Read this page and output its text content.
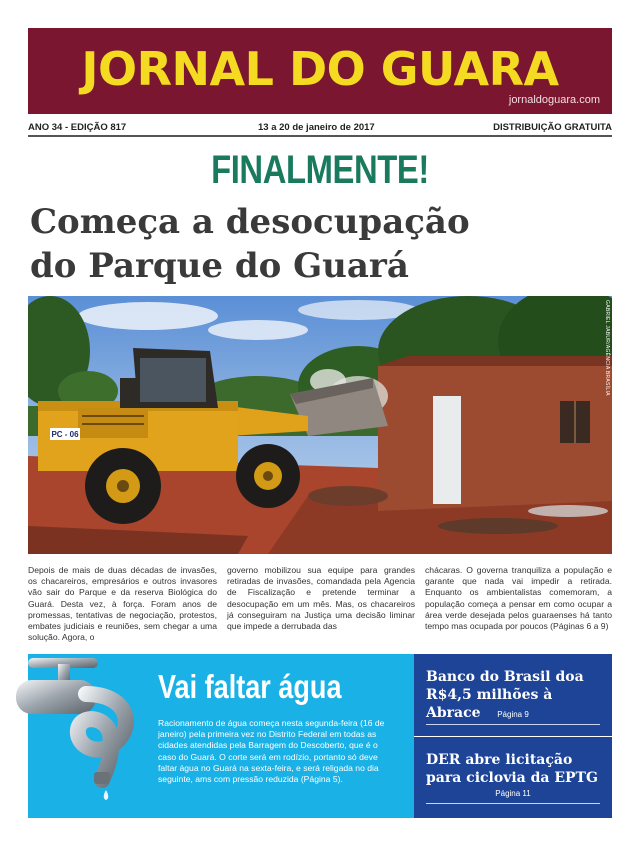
JORNAL DO GUARA
jornaldoguara.com
ANO 34 - EDIÇÃO 817	13 a 20 de janeiro de 2017	DISTRIBUIÇÃO GRATUITA
FINALMENTE!
Começa a desocupação
do Parque do Guará
PC - 06
GABRIEL JABUR/AGÊNCIA BRASÍLIA
Depois de mais de duas décadas de invasões, os chacareiros, empresários e outros invasores vão sair do Parque e da reserva Biológica do Guará. Desta vez, à força. Foram anos de promessas, tentativas de negociação, protestos, embates judiciais e reuniões, sem chegar a uma solução. Agora, o
governo mobilizou sua equipe para grandes retiradas de invasões, comandada pela Agencia de Fiscalização e pretende terminar a desocupação em um mês. Mas, os chacareiros já conseguiram na Justiça uma decisão liminar que impede a derrubada das
chácaras. O governa tranquiliza a população e garante que nada vai impedir a retirada. Enquanto os ambientalistas comemoram, a população começa a pensar em como ocupar a área verde desejada pelos guaraenses há tanto tempo mas ocupada por poucos (Páginas 6 a 9)
Vai faltar água
Racionamento de água começa nesta segunda-feira (16 de janeiro) pela primeira vez no Distrito Federal em todas as cidades atendidas pela Barragem do Descoberto, que é o caso do Guará. O corte será em rodízio, portanto só deve faltar água no Guará na sexta-feira, e será religada no dia seguinte, ams com pressão reduzida (Página 5).
Banco do Brasil doa R$4,5 milhões à Abrace	Página 9
DER abre licitação para ciclovia da EPTG
Página 11
